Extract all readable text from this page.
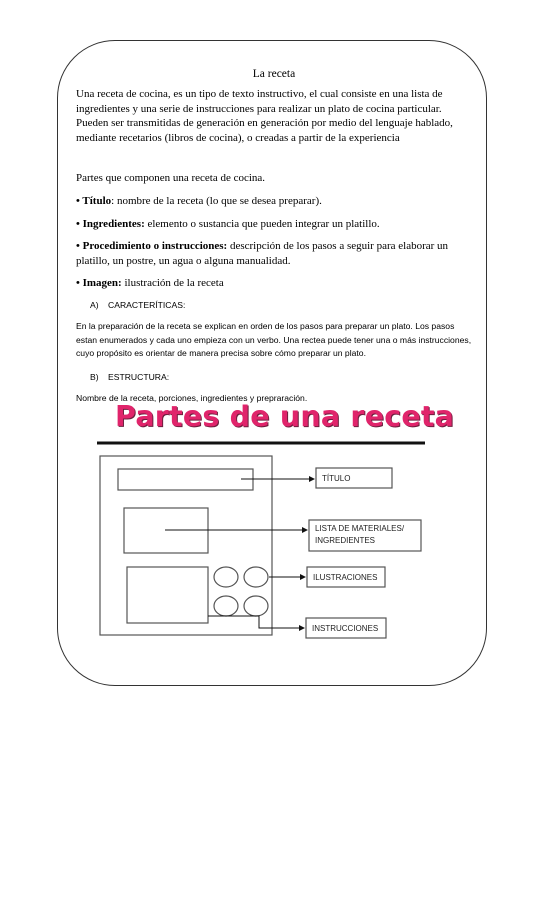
La receta

Una receta de cocina, es un tipo de texto instructivo, el cual consiste en una lista de ingredientes y una serie de instrucciones para realizar un plato de cocina particular. Pueden ser transmitidas de generación en generación por medio del lenguaje hablado, mediante recetarios (libros de cocina), o creadas a partir de la experiencia

Partes que componen una receta de cocina.

• Título: nombre de la receta (lo que se desea preparar).

• Ingredientes: elemento o sustancia que pueden integrar un platillo.

• Procedimiento o instrucciones: descripción de los pasos a seguir para elaborar un platillo, un postre, un agua o alguna manualidad.

• Imagen: ilustración de la receta

A) CARACTERÍTICAS:

En la preparación de la receta se explican en orden de los pasos para preparar un plato. Los pasos estan enumerados y cada uno empieza con un verbo. Una rectea puede tener una o más instrucciones, cuyo propósito es orientar de manera precisa sobre cómo preparar un plato.

B) ESTRUCTURA:

Nombre de la receta, porciones, ingredientes y prepraración.

Partes de una receta
TÍTULO
LISTA DE MATERIALES/
INGREDIENTES
ILUSTRACIONES
INSTRUCCIONES
